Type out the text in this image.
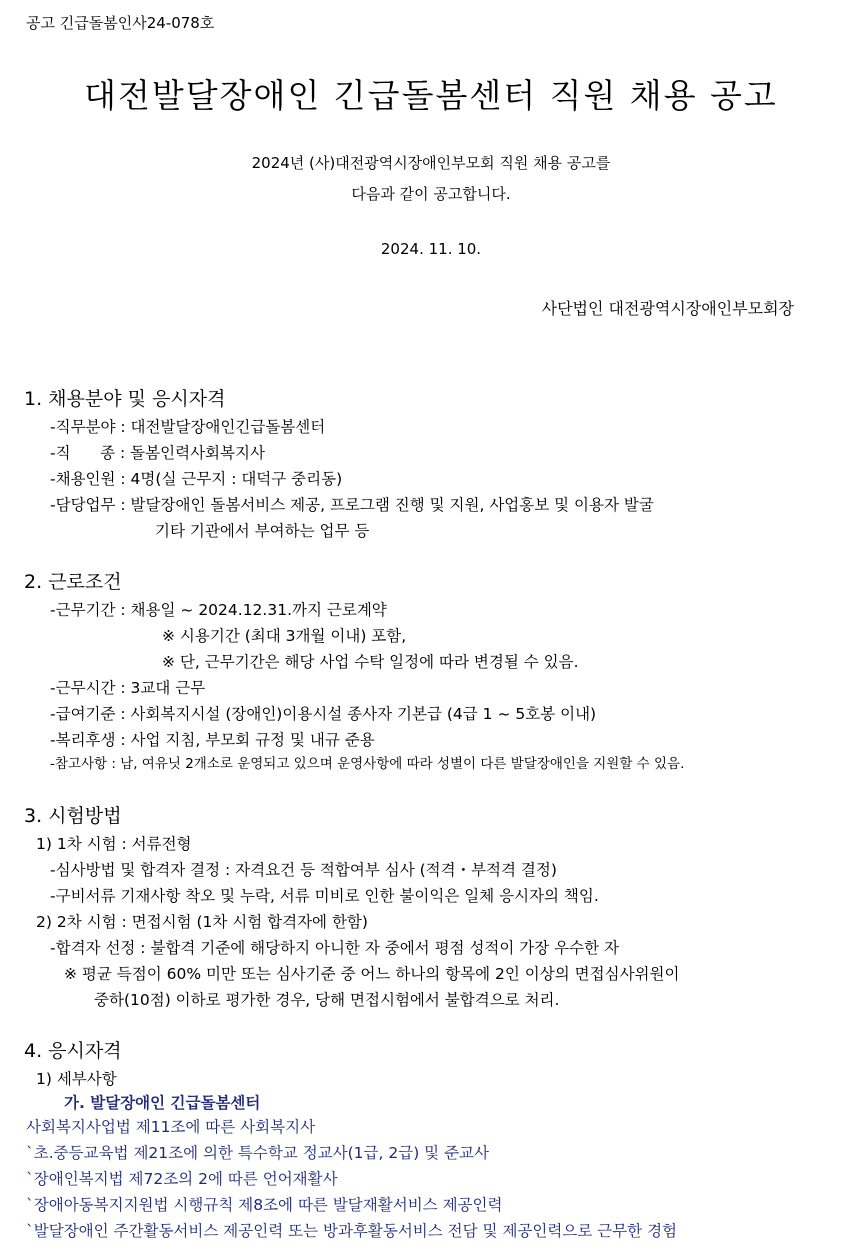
공고 긴급돌봄인사24-078호
대전발달장애인 긴급돌봄센터 직원 채용 공고
2024년 (사)대전광역시장애인부모회 직원 채용 공고를
다음과 같이 공고합니다.
2024. 11. 10.
사단법인 대전광역시장애인부모회장
1. 채용분야 및 응시자격
-직무분야 : 대전발달장애인긴급돌봄센터
-직      종 : 돌봄인력사회복지사
-채용인원 : 4명(실 근무지 : 대덕구 중리동)
-담당업무 : 발달장애인 돌봄서비스 제공, 프로그램 진행 및 지원, 사업홍보 및 이용자 발굴
기타 기관에서 부여하는 업무 등
2. 근로조건
-근무기간 : 채용일 ~ 2024.12.31.까지 근로계약
※ 시용기간 (최대 3개월 이내) 포함,
※ 단, 근무기간은 해당 사업 수탁 일정에 따라 변경될 수 있음.
-근무시간 : 3교대 근무
-급여기준 : 사회복지시설 (장애인)이용시설 종사자 기본급 (4급 1 ~ 5호봉 이내)
-복리후생 : 사업 지침, 부모회 규정 및 내규 준용
-참고사항 : 남, 여유닛 2개소로 운영되고 있으며 운영사항에 따라 성별이 다른 발달장애인을 지원할 수 있음.
3. 시험방법
1) 1차 시험 : 서류전형
-심사방법 및 합격자 결정 : 자격요건 등 적합여부 심사 (적격・부적격 결정)
-구비서류 기재사항 착오 및 누락, 서류 미비로 인한 불이익은 일체 응시자의 책임.
2) 2차 시험 : 면접시험 (1차 시험 합격자에 한함)
-합격자 선정 : 불합격 기준에 해당하지 아니한 자 중에서 평점 성적이 가장 우수한 자
※ 평균 득점이 60% 미만 또는 심사기준 중 어느 하나의 항목에 2인 이상의 면접심사위원이
중하(10점) 이하로 평가한 경우, 당해 면접시험에서 불합격으로 처리.
4. 응시자격
1) 세부사항
가. 발달장애인 긴급돌봄센터
사회복지사업법 제11조에 따른 사회복지사
`초.중등교육법 제21조에 의한 특수학교 정교사(1급, 2급) 및 준교사
`장애인복지법 제72조의 2에 따른 언어재활사
`장애아동복지지원법 시행규칙 제8조에 따른 발달재활서비스 제공인력
`발달장애인 주간활동서비스 제공인력 또는 방과후활동서비스 전담 및 제공인력으로 근무한 경험
